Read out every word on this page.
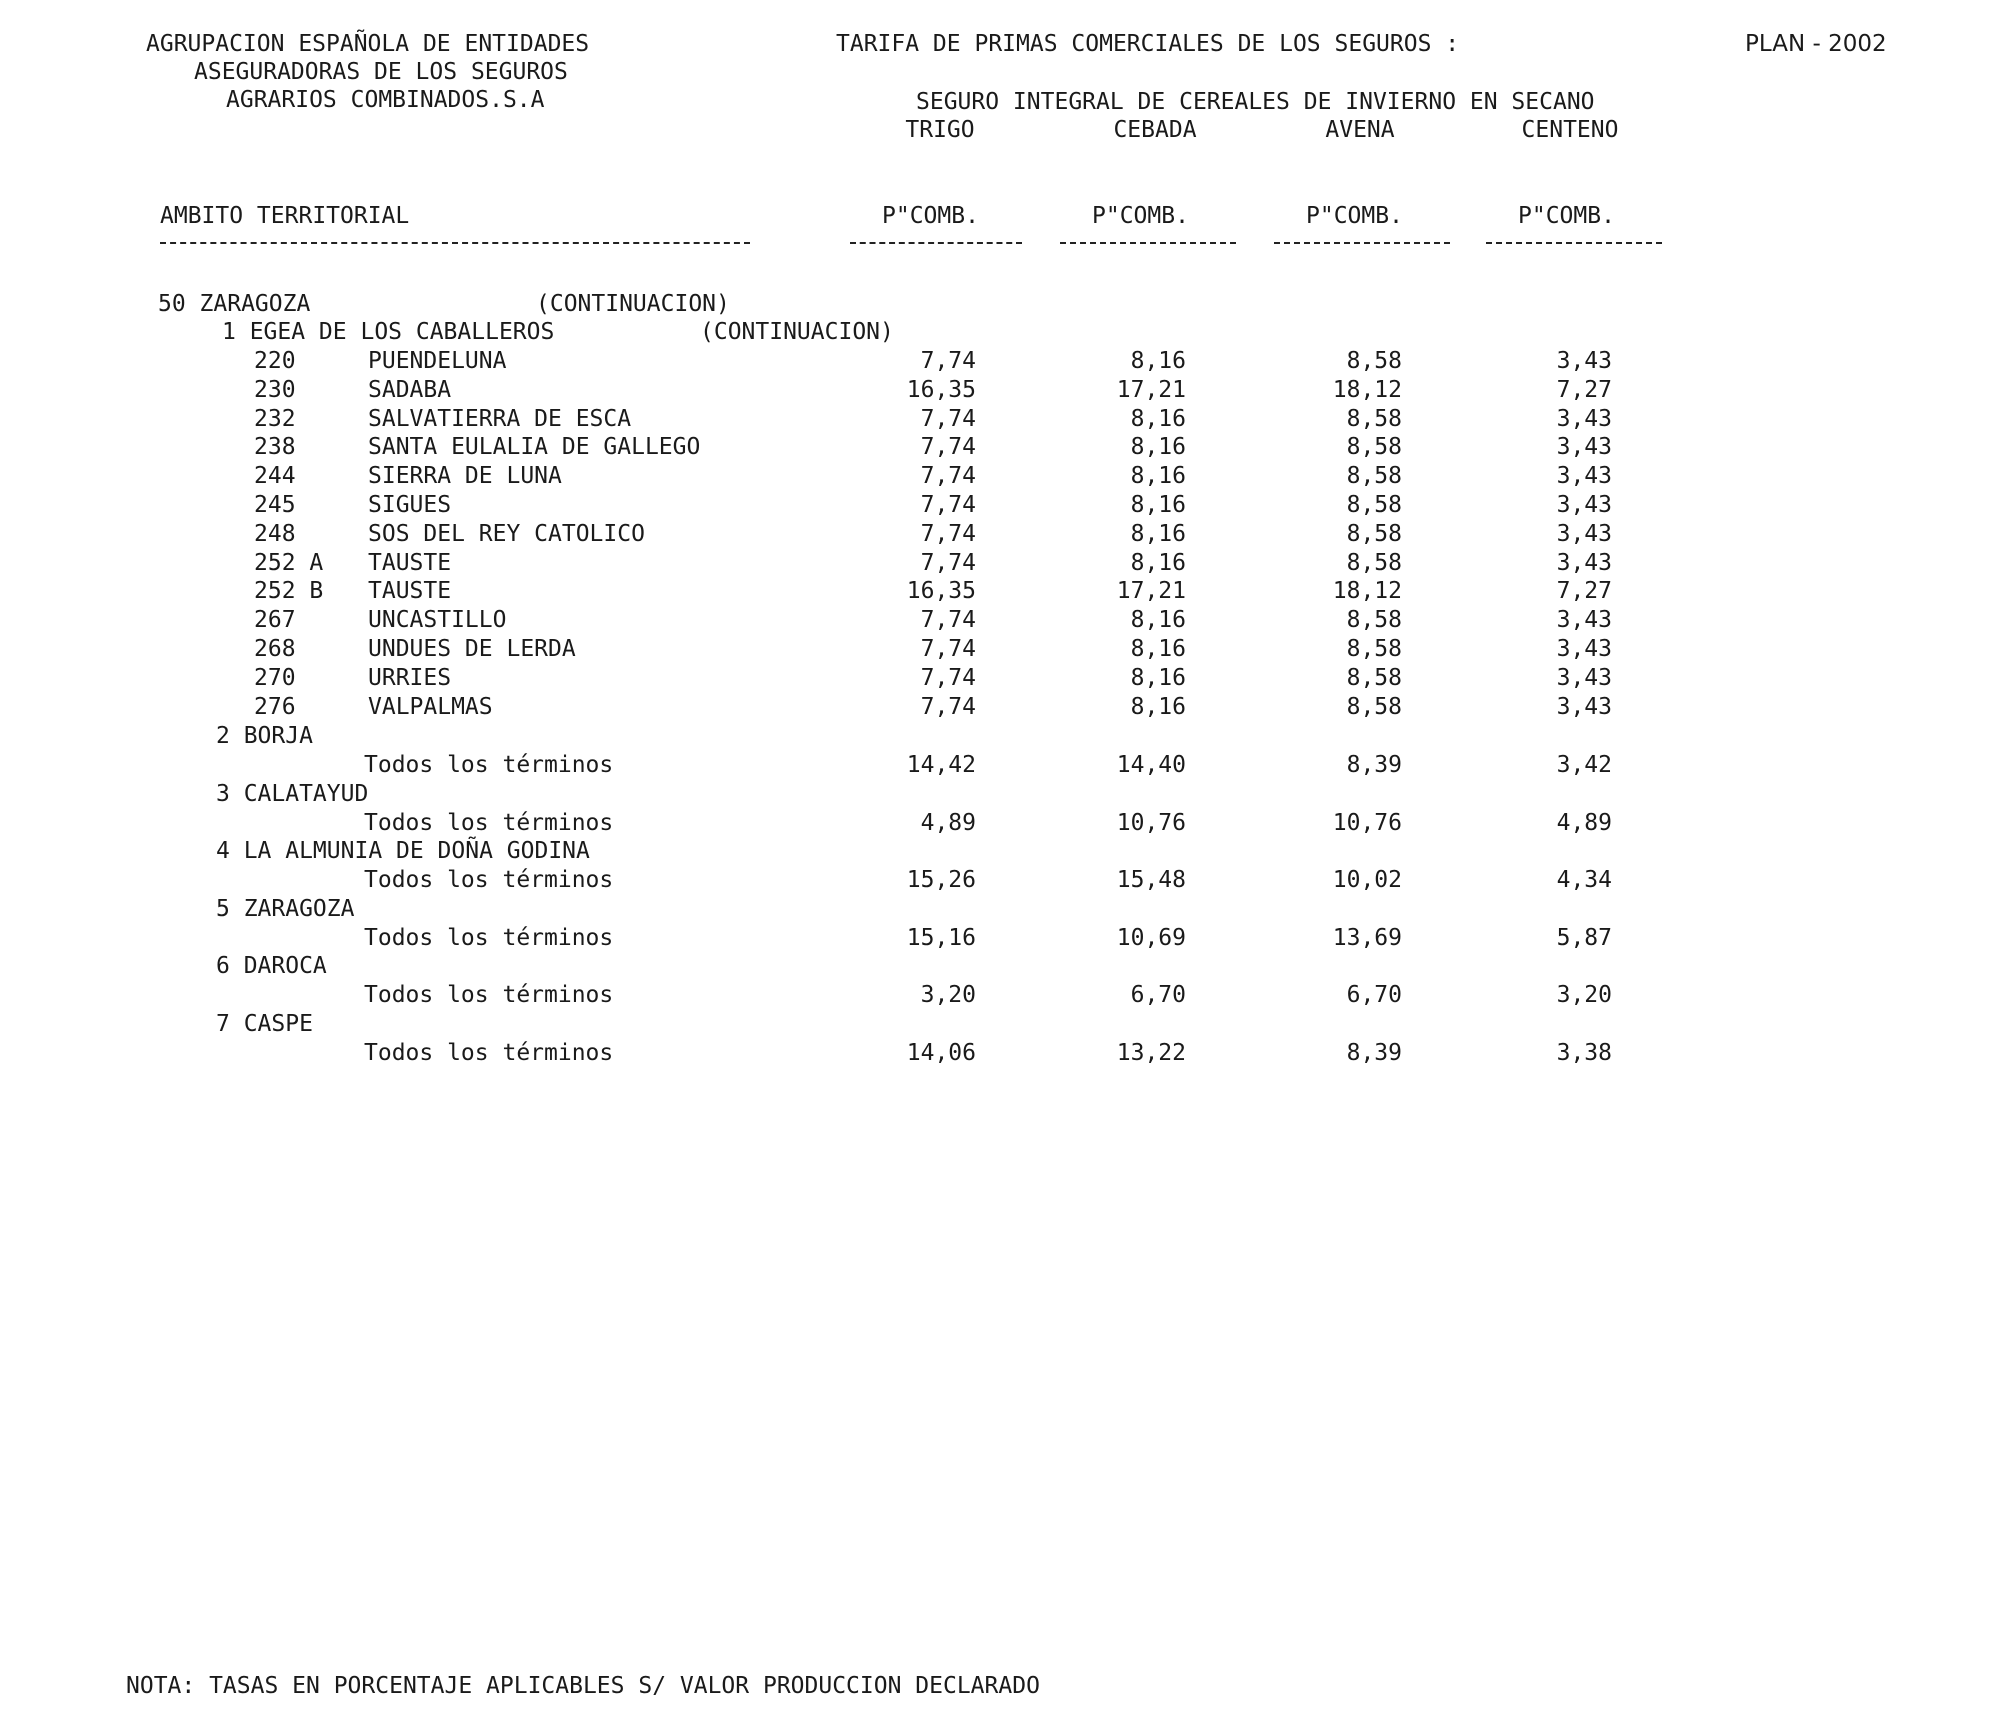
AGRUPACION ESPAÑOLA DE ENTIDADES
ASEGURADORAS DE LOS SEGUROS
AGRARIOS COMBINADOS.S.A
TARIFA DE PRIMAS COMERCIALES DE LOS SEGUROS :	PLAN - 2002
SEGURO INTEGRAL DE CEREALES DE INVIERNO EN SECANO
TRIGO	CEBADA	AVENA	CENTENO
AMBITO TERRITORIAL	P"COMB.	P"COMB.	P"COMB.	P"COMB.
50 ZARAGOZA	(CONTINUACION)
1 EGEA DE LOS CABALLEROS	(CONTINUACION)
NOTA: TASAS EN PORCENTAJE APLICABLES S/ VALOR PRODUCCION DECLARADO
220	PUENDELUNA	7,74	8,16	8,58	3,43
230	SADABA	16,35	17,21	18,12	7,27
232	SALVATIERRA DE ESCA	7,74	8,16	8,58	3,43
238	SANTA EULALIA DE GALLEGO	7,74	8,16	8,58	3,43
244	SIERRA DE LUNA	7,74	8,16	8,58	3,43
245	SIGUES	7,74	8,16	8,58	3,43
248	SOS DEL REY CATOLICO	7,74	8,16	8,58	3,43
252 A TAUSTE	7,74	8,16	8,58	3,43
252 B TAUSTE	16,35	17,21	18,12	7,27
267	UNCASTILLO	7,74	8,16	8,58	3,43
268	UNDUES DE LERDA	7,74	8,16	8,58	3,43
270	URRIES	7,74	8,16	8,58	3,43
276	VALPALMAS	7,74	8,16	8,58	3,43
2 BORJA
Todos los términos	14,42	14,40	8,39	3,42
3 CALATAYUD
Todos los términos	4,89	10,76	10,76	4,89
4 LA ALMUNIA DE DOÑA GODINA
Todos los términos	15,26	15,48	10,02	4,34
5 ZARAGOZA
Todos los términos	15,16	10,69	13,69	5,87
6 DAROCA
Todos los términos	3,20	6,70	6,70	3,20
7 CASPE
Todos los términos	14,06	13,22	8,39	3,38
